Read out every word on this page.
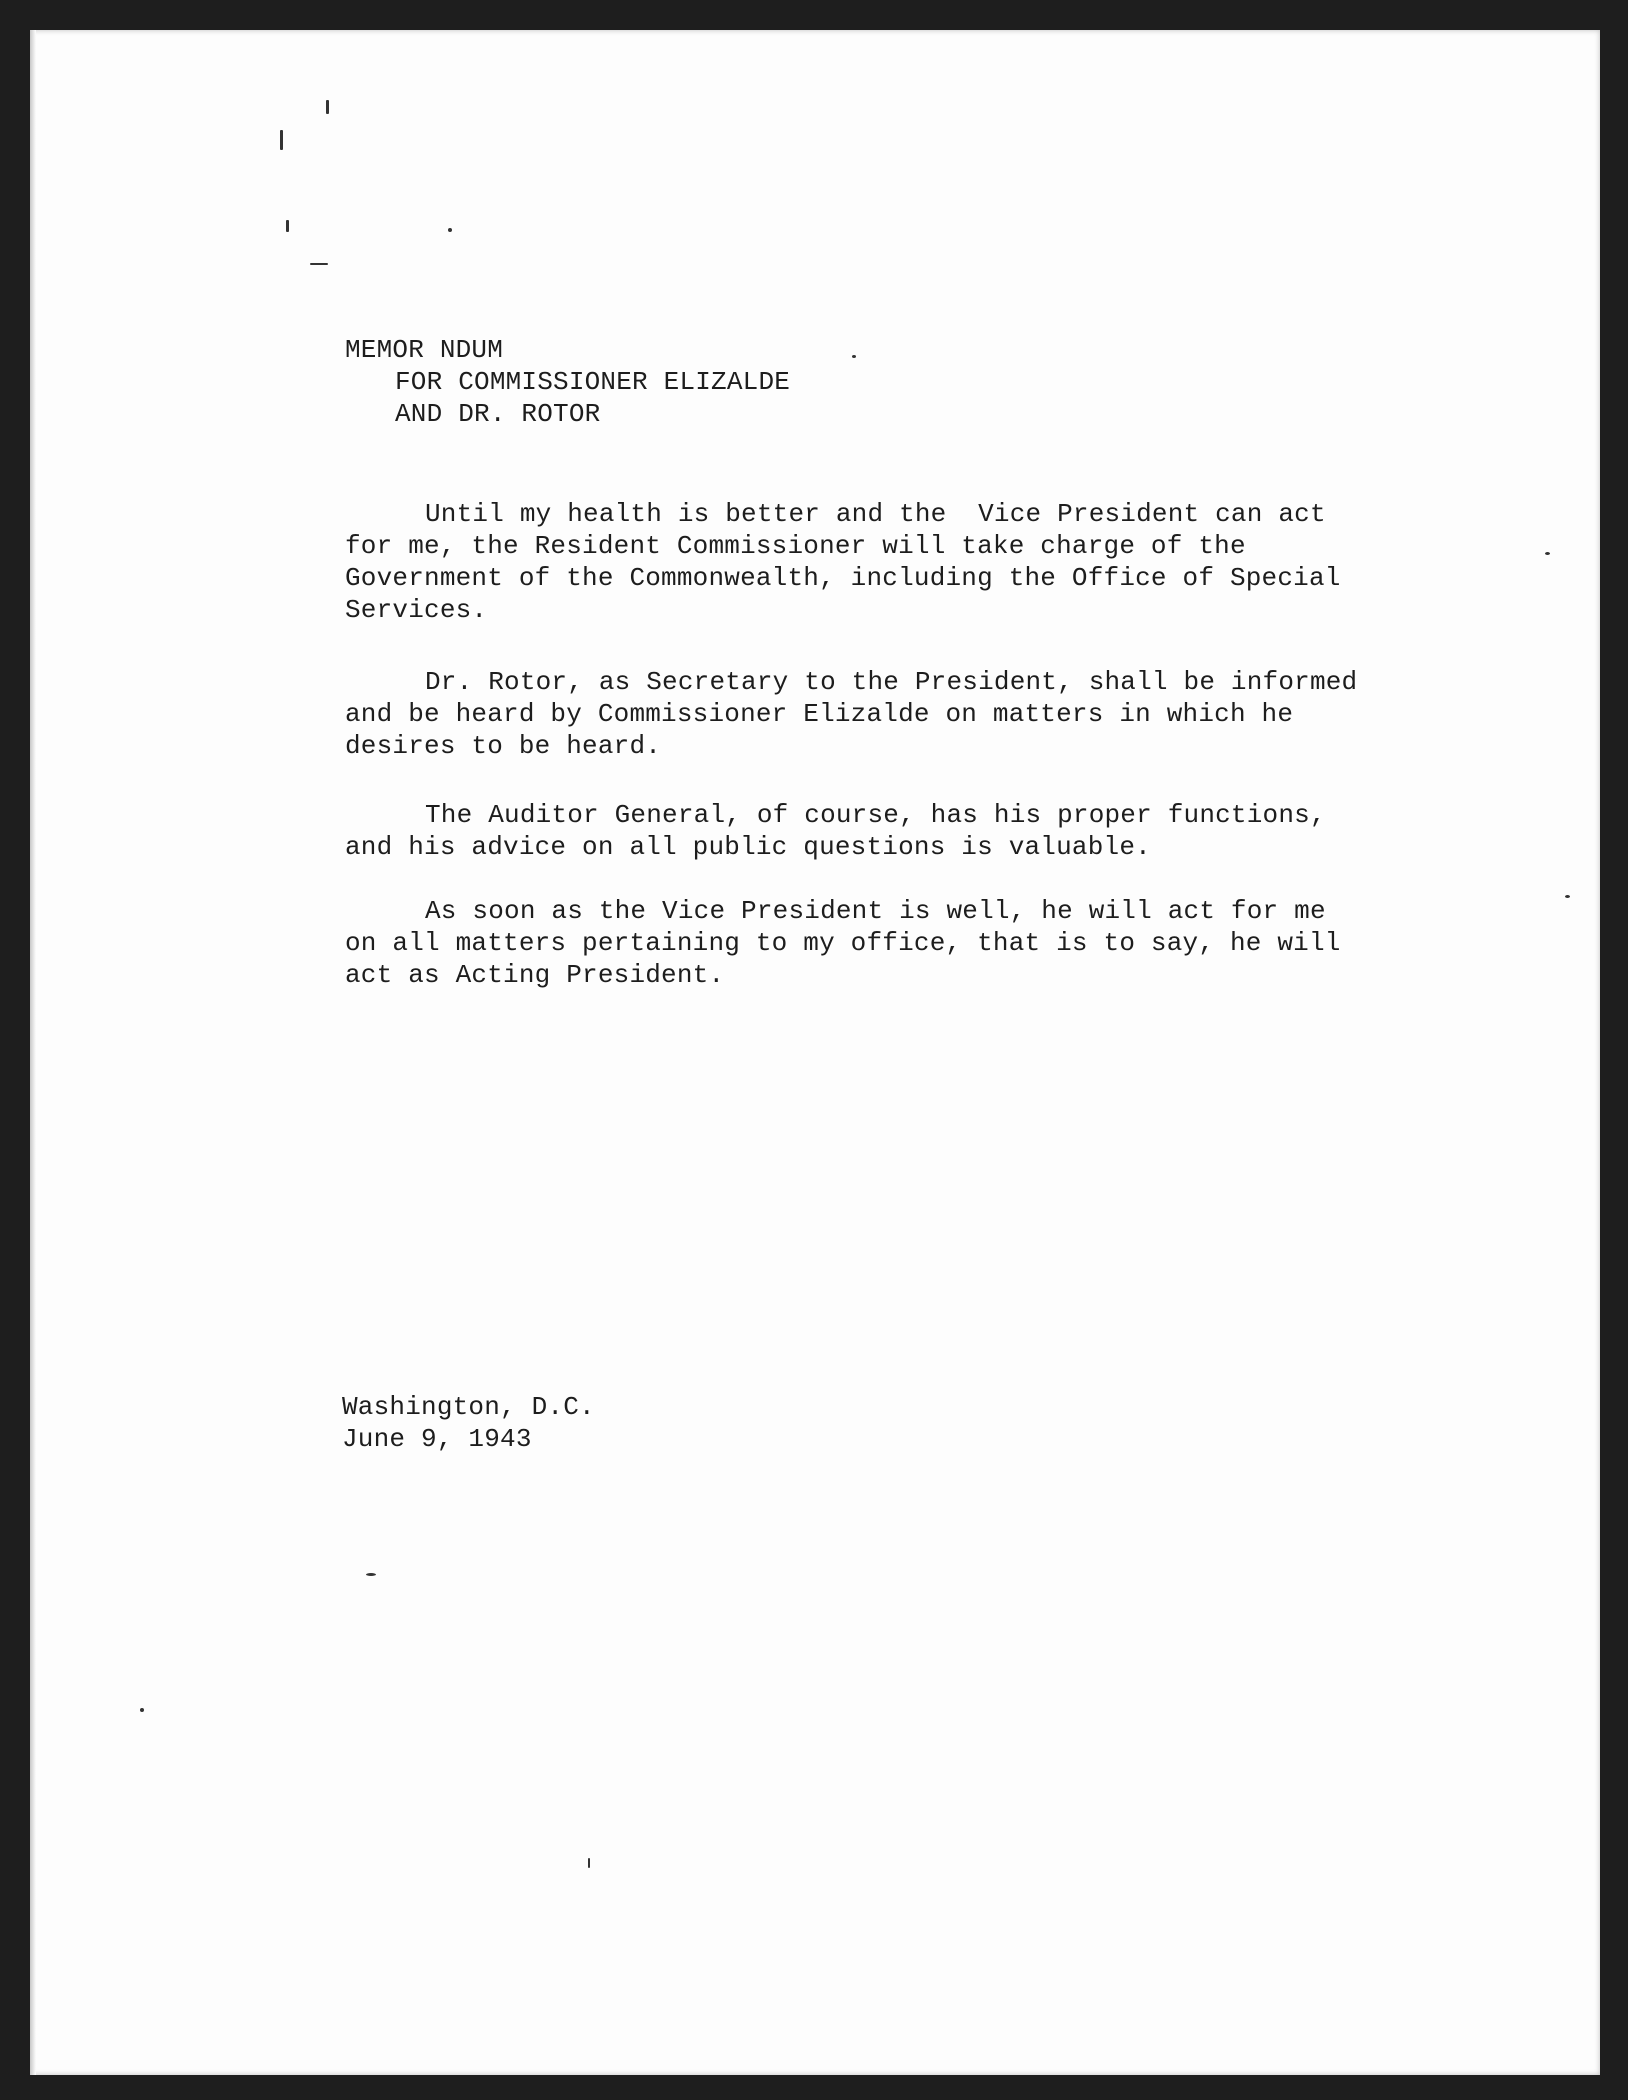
MEMOR NDUM
FOR COMMISSIONER ELIZALDE
AND DR. ROTOR
Until my health is better and the  Vice President can act
for me, the Resident Commissioner will take charge of the
Government of the Commonwealth, including the Office of Special
Services.
Dr. Rotor, as Secretary to the President, shall be informed
and be heard by Commissioner Elizalde on matters in which he
desires to be heard.
The Auditor General, of course, has his proper functions,
and his advice on all public questions is valuable.
As soon as the Vice President is well, he will act for me
on all matters pertaining to my office, that is to say, he will
act as Acting President.
Washington, D.C.
June 9, 1943
